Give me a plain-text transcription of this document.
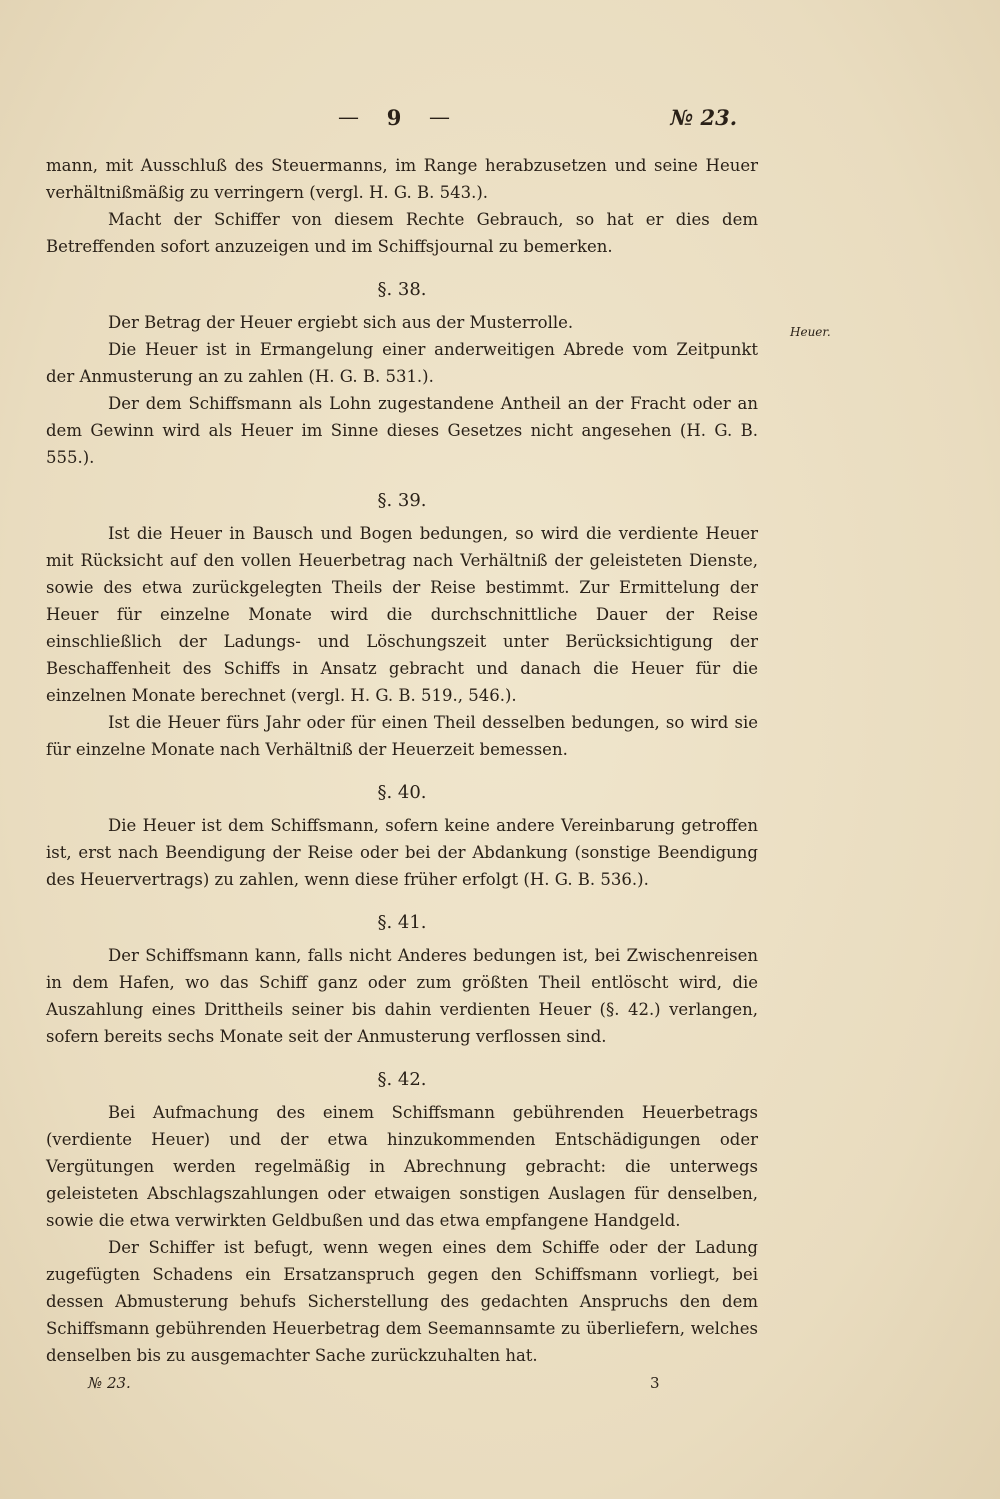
— 9 —	№ 23.
Heuer.

mann, mit Ausschluß des Steuermanns, im Range herabzusetzen und seine Heuer verhältnißmäßig zu verringern (vergl. H. G. B. 543.).

Macht der Schiffer von diesem Rechte Gebrauch, so hat er dies dem Betreffenden sofort anzuzeigen und im Schiffsjournal zu bemerken.

§. 38.

Der Betrag der Heuer ergiebt sich aus der Musterrolle.

Die Heuer ist in Ermangelung einer anderweitigen Abrede vom Zeitpunkt der Anmusterung an zu zahlen (H. G. B. 531.).

Der dem Schiffsmann als Lohn zugestandene Antheil an der Fracht oder an dem Gewinn wird als Heuer im Sinne dieses Gesetzes nicht angesehen (H. G. B. 555.).

§. 39.

Ist die Heuer in Bausch und Bogen bedungen, so wird die verdiente Heuer mit Rücksicht auf den vollen Heuerbetrag nach Verhältniß der geleisteten Dienste, sowie des etwa zurückgelegten Theils der Reise bestimmt. Zur Ermittelung der Heuer für einzelne Monate wird die durchschnittliche Dauer der Reise einschließlich der Ladungs- und Löschungszeit unter Berücksichtigung der Beschaffenheit des Schiffs in Ansatz gebracht und danach die Heuer für die einzelnen Monate berechnet (vergl. H. G. B. 519., 546.).

Ist die Heuer fürs Jahr oder für einen Theil desselben bedungen, so wird sie für einzelne Monate nach Verhältniß der Heuerzeit bemessen.

§. 40.

Die Heuer ist dem Schiffsmann, sofern keine andere Vereinbarung getroffen ist, erst nach Beendigung der Reise oder bei der Abdankung (sonstige Beendigung des Heuervertrags) zu zahlen, wenn diese früher erfolgt (H. G. B. 536.).

§. 41.

Der Schiffsmann kann, falls nicht Anderes bedungen ist, bei Zwischenreisen in dem Hafen, wo das Schiff ganz oder zum größten Theil entlöscht wird, die Auszahlung eines Drittheils seiner bis dahin verdienten Heuer (§. 42.) verlangen, sofern bereits sechs Monate seit der Anmusterung verflossen sind.

§. 42.

Bei Aufmachung des einem Schiffsmann gebührenden Heuerbetrags (verdiente Heuer) und der etwa hinzukommenden Entschädigungen oder Vergütungen werden regelmäßig in Abrechnung gebracht: die unterwegs geleisteten Abschlagszahlungen oder etwaigen sonstigen Auslagen für denselben, sowie die etwa verwirkten Geldbußen und das etwa empfangene Handgeld.

Der Schiffer ist befugt, wenn wegen eines dem Schiffe oder der Ladung zugefügten Schadens ein Ersatzanspruch gegen den Schiffsmann vorliegt, bei dessen Abmusterung behufs Sicherstellung des gedachten Anspruchs den dem Schiffsmann gebührenden Heuerbetrag dem Seemannsamte zu überliefern, welches denselben bis zu ausgemachter Sache zurückzuhalten hat.

№ 23.	3
